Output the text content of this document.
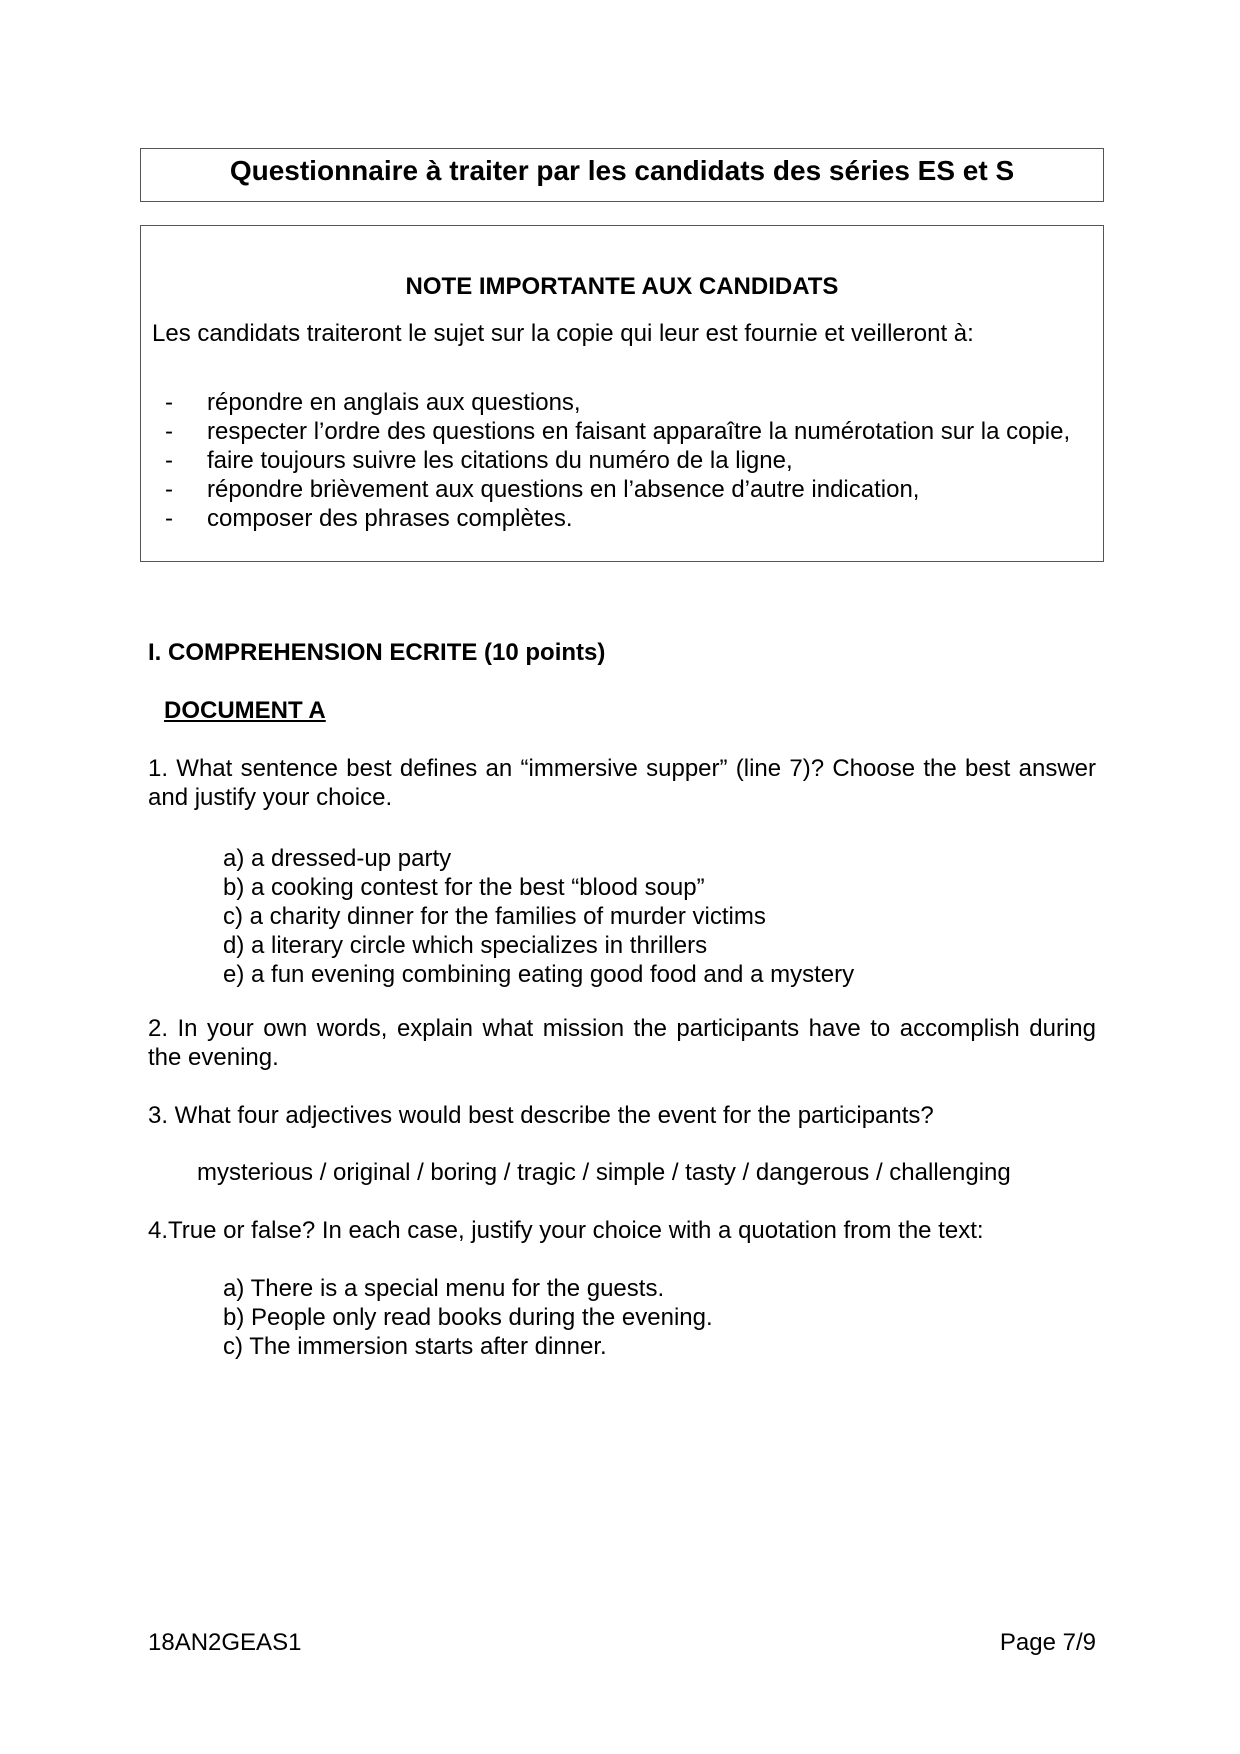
Questionnaire à traiter par les candidats des séries ES et S
NOTE IMPORTANTE AUX CANDIDATS
Les candidats traiteront le sujet sur la copie qui leur est fournie et veilleront à:
- répondre en anglais aux questions,
- respecter l’ordre des questions en faisant apparaître la numérotation sur la copie,
- faire toujours suivre les citations du numéro de la ligne,
- répondre brièvement aux questions en l’absence d’autre indication,
- composer des phrases complètes.
I. COMPREHENSION ECRITE (10 points)
DOCUMENT A
1. What sentence best defines an “immersive supper” (line 7)? Choose the best answer and justify your choice.
a) a dressed-up party
b) a cooking contest for the best “blood soup”
c) a charity dinner for the families of murder victims
d) a literary circle which specializes in thrillers
e) a fun evening combining eating good food and a mystery
2. In your own words, explain what mission the participants have to accomplish during the evening.
3. What four adjectives would best describe the event for the participants?
mysterious / original / boring / tragic / simple / tasty / dangerous / challenging
4.True or false? In each case, justify your choice with a quotation from the text:
a) There is a special menu for the guests.
b) People only read books during the evening.
c) The immersion starts after dinner.
18AN2GEAS1	Page 7/9
